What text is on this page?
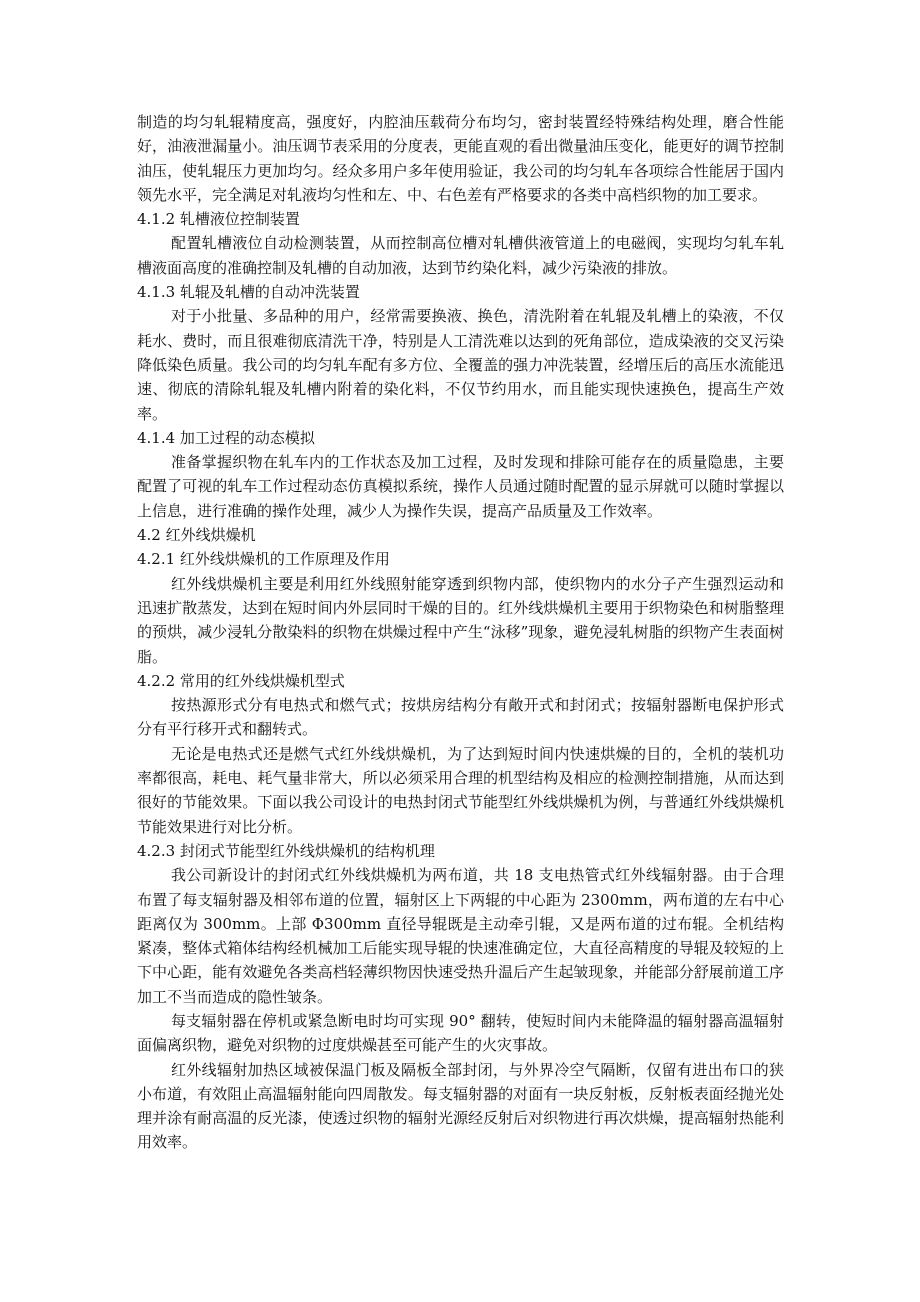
制造的均匀轧辊精度高，强度好，内腔油压载荷分布均匀，密封装置经特殊结构处理，磨合性能好，油液泄漏量小。油压调节表采用的分度表，更能直观的看出微量油压变化，能更好的调节控制油压，使轧辊压力更加均匀。经众多用户多年使用验证，我公司的均匀轧车各项综合性能居于国内领先水平，完全满足对轧液均匀性和左、中、右色差有严格要求的各类中高档织物的加工要求。

4.1.2 轧槽液位控制装置

配置轧槽液位自动检测装置，从而控制高位槽对轧槽供液管道上的电磁阀，实现均匀轧车轧槽液面高度的准确控制及轧槽的自动加液，达到节约染化料，减少污染液的排放。

4.1.3 轧辊及轧槽的自动冲洗装置

对于小批量、多品种的用户，经常需要换液、换色，清洗附着在轧辊及轧槽上的染液，不仅耗水、费时，而且很难彻底清洗干净，特别是人工清洗难以达到的死角部位，造成染液的交叉污染降低染色质量。我公司的均匀轧车配有多方位、全覆盖的强力冲洗装置，经增压后的高压水流能迅速、彻底的清除轧辊及轧槽内附着的染化料，不仅节约用水，而且能实现快速换色，提高生产效率。

4.1.4 加工过程的动态模拟

准备掌握织物在轧车内的工作状态及加工过程，及时发现和排除可能存在的质量隐患，主要配置了可视的轧车工作过程动态仿真模拟系统，操作人员通过随时配置的显示屏就可以随时掌握以上信息，进行准确的操作处理，减少人为操作失误，提高产品质量及工作效率。

4.2 红外线烘燥机
4.2.1 红外线烘燥机的工作原理及作用

红外线烘燥机主要是利用红外线照射能穿透到织物内部，使织物内的水分子产生强烈运动和迅速扩散蒸发，达到在短时间内外层同时干燥的目的。红外线烘燥机主要用于织物染色和树脂整理的预烘，减少浸轧分散染料的织物在烘燥过程中产生“泳移”现象，避免浸轧树脂的织物产生表面树脂。

4.2.2 常用的红外线烘燥机型式

按热源形式分有电热式和燃气式；按烘房结构分有敞开式和封闭式；按辐射器断电保护形式分有平行移开式和翻转式。

无论是电热式还是燃气式红外线烘燥机，为了达到短时间内快速烘燥的目的，全机的装机功率都很高，耗电、耗气量非常大，所以必须采用合理的机型结构及相应的检测控制措施，从而达到很好的节能效果。下面以我公司设计的电热封闭式节能型红外线烘燥机为例，与普通红外线烘燥机节能效果进行对比分析。

4.2.3 封闭式节能型红外线烘燥机的结构机理

我公司新设计的封闭式红外线烘燥机为两布道，共 18 支电热管式红外线辐射器。由于合理布置了每支辐射器及相邻布道的位置，辐射区上下两辊的中心距为 2300mm，两布道的左右中心距离仅为 300mm。上部 Φ300mm 直径导辊既是主动牵引辊，又是两布道的过布辊。全机结构紧凑，整体式箱体结构经机械加工后能实现导辊的快速准确定位，大直径高精度的导辊及较短的上下中心距，能有效避免各类高档轻薄织物因快速受热升温后产生起皱现象，并能部分舒展前道工序加工不当而造成的隐性皱条。

每支辐射器在停机或紧急断电时均可实现 90° 翻转，使短时间内未能降温的辐射器高温辐射面偏离织物，避免对织物的过度烘燥甚至可能产生的火灾事故。

红外线辐射加热区域被保温门板及隔板全部封闭，与外界冷空气隔断，仅留有进出布口的狭小布道，有效阻止高温辐射能向四周散发。每支辐射器的对面有一块反射板，反射板表面经抛光处理并涂有耐高温的反光漆，使透过织物的辐射光源经反射后对织物进行再次烘燥，提高辐射热能利用效率。
